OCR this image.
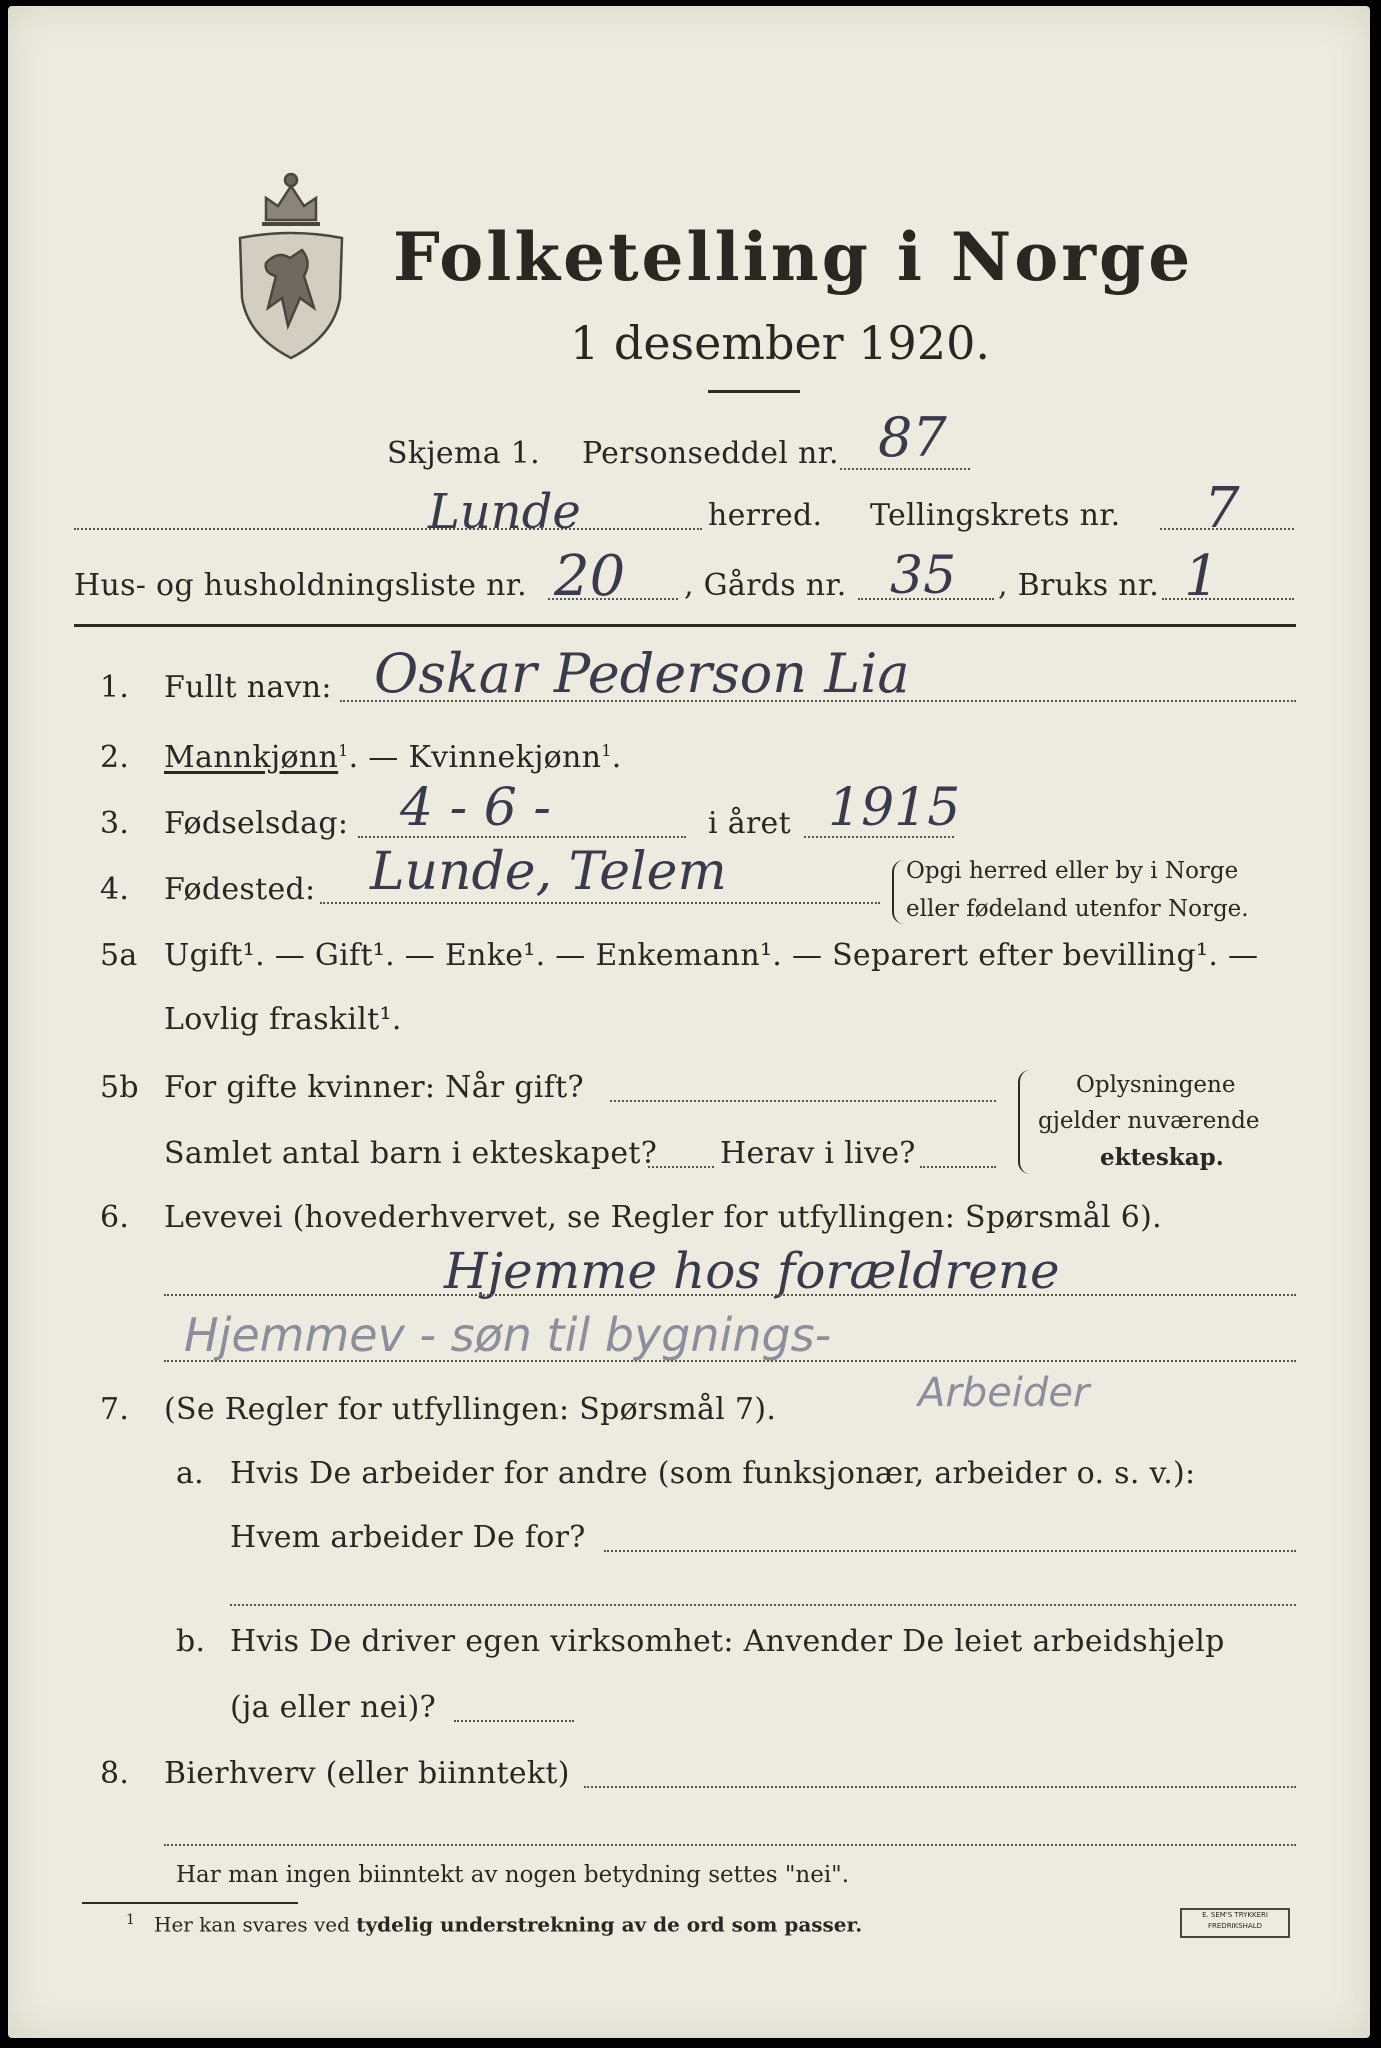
Folketelling i Norge
1 desember 1920.
Skjema 1. Personseddel nr. 87
Lunde	herred. Tellingskrets nr. 7
Hus- og husholdningsliste nr. 20 , Gårds nr. 35 , Bruks nr. 1
1. Fullt navn: Oskar Pederson Lia
2. Mannkjønn$^1$. — Kvinnekjønn$^1$.
3. Fødselsdag: 4 - 6 -	i året 1915
4. Fødested: Lunde, Telem	Opgi herred eller by i Norge
eller fødeland utenfor Norge.
5a Ugift¹. — Gift¹. — Enke¹. — Enkemann¹. — Separert efter bevilling¹. —
Lovlig fraskilt¹.
5b For gifte kvinner: Når gift?
Samlet antal barn i ekteskapet? Herav i live?
Oplysningene
gjelder nuværende
ekteskap.
6. Levevei (hovederhvervet, se Regler for utfyllingen: Spørsmål 6).
Hjemme hos forældrene
Hjemmev - søn til bygnings-
Arbeider
7. (Se Regler for utfyllingen: Spørsmål 7).
a. Hvis De arbeider for andre (som funksjonær, arbeider o. s. v.):
Hvem arbeider De for?
b. Hvis De driver egen virksomhet: Anvender De leiet arbeidshjelp
(ja eller nei)?
8. Bierhverv (eller biinntekt)
Har man ingen biinntekt av nogen betydning settes "nei".
$^1$ Her kan svares ved tydelig understrekning av de ord som passer.	E. SEM'S TRYKKERI FREDRIKSHALD
